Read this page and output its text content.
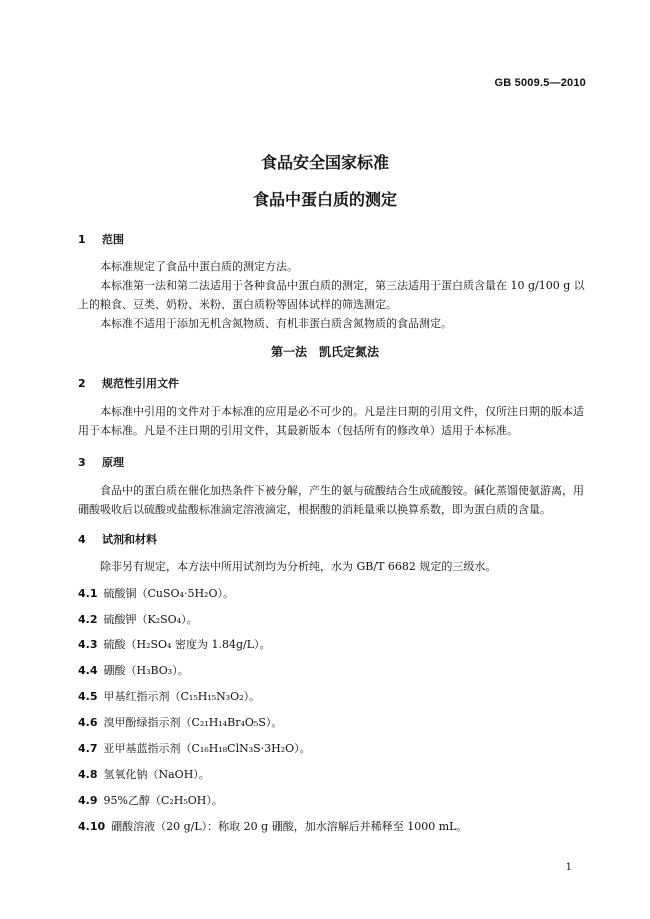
GB 5009.5—2010
食品安全国家标准
食品中蛋白质的测定
1 范围
本标准规定了食品中蛋白质的测定方法。
本标准第一法和第二法适用于各种食品中蛋白质的测定，第三法适用于蛋白质含量在 10 g/100 g 以上的粮食、豆类、奶粉、米粉、蛋白质粉等固体试样的筛选测定。
本标准不适用于添加无机含氮物质、有机非蛋白质含氮物质的食品测定。
第一法　凯氏定氮法
2 规范性引用文件
本标准中引用的文件对于本标准的应用是必不可少的。凡是注日期的引用文件，仅所注日期的版本适用于本标准。凡是不注日期的引用文件，其最新版本（包括所有的修改单）适用于本标准。
3 原理
食品中的蛋白质在催化加热条件下被分解，产生的氨与硫酸结合生成硫酸铵。碱化蒸馏使氨游离，用硼酸吸收后以硫酸或盐酸标准滴定溶液滴定，根据酸的消耗量乘以换算系数，即为蛋白质的含量。
4 试剂和材料
除非另有规定，本方法中所用试剂均为分析纯，水为 GB/T 6682 规定的三级水。
4.1 硫酸铜（CuSO₄·5H₂O）。
4.2 硫酸钾（K₂SO₄）。
4.3 硫酸（H₂SO₄ 密度为 1.84g/L）。
4.4 硼酸（H₃BO₃）。
4.5 甲基红指示剂（C₁₅H₁₅N₃O₂）。
4.6 溴甲酚绿指示剂（C₂₁H₁₄Br₄O₅S）。
4.7 亚甲基蓝指示剂（C₁₆H₁₈ClN₃S·3H₂O）。
4.8 氢氧化钠（NaOH）。
4.9 95%乙醇（C₂H₅OH）。
4.10 硼酸溶液（20 g/L）：称取 20 g 硼酸，加水溶解后并稀释至 1000 mL。
1
